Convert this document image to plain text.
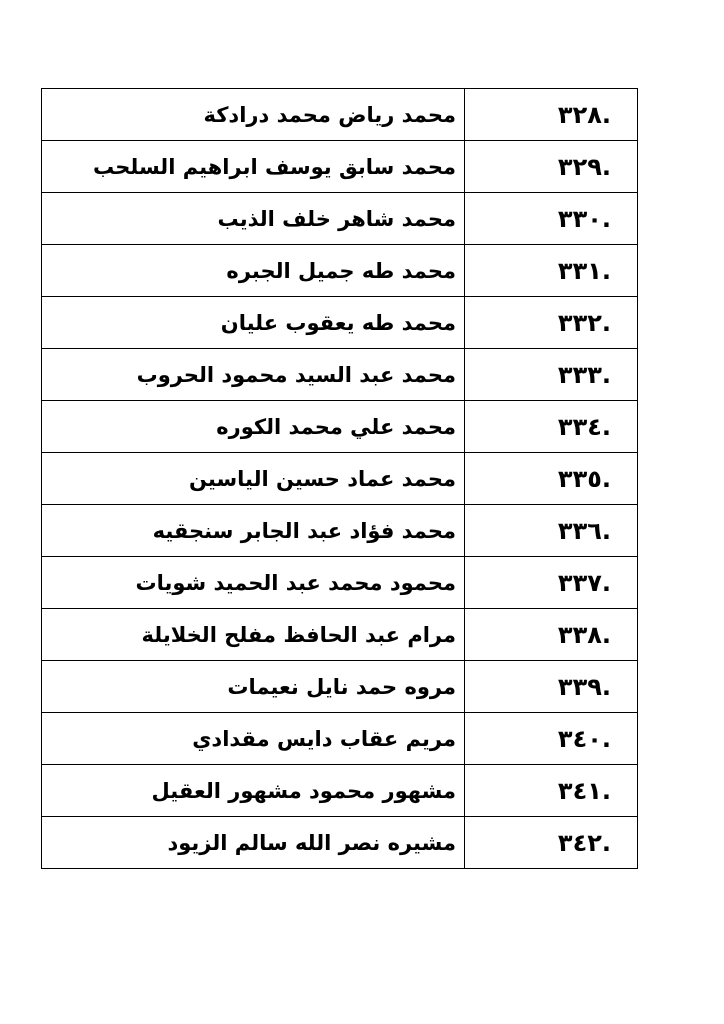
.٣٢٨	محمد رياض محمد درادكة
.٣٢٩	محمد سابق يوسف ابراهيم السلحب
.٣٣٠	محمد شاهر خلف الذيب
.٣٣١	محمد طه جميل الجبره
.٣٣٢	محمد طه يعقوب عليان
.٣٣٣	محمد عبد السيد محمود الحروب
.٣٣٤	محمد علي محمد الكوره
.٣٣٥	محمد عماد حسين الياسين
.٣٣٦	محمد فؤاد عبد الجابر سنجقيه
.٣٣٧	محمود محمد عبد الحميد شويات
.٣٣٨	مرام عبد الحافظ مفلح الخلايلة
.٣٣٩	مروه حمد نايل نعيمات
.٣٤٠	مريم عقاب دايس مقدادي
.٣٤١	مشهور محمود مشهور العقيل
.٣٤٢	مشيره نصر الله سالم الزيود
